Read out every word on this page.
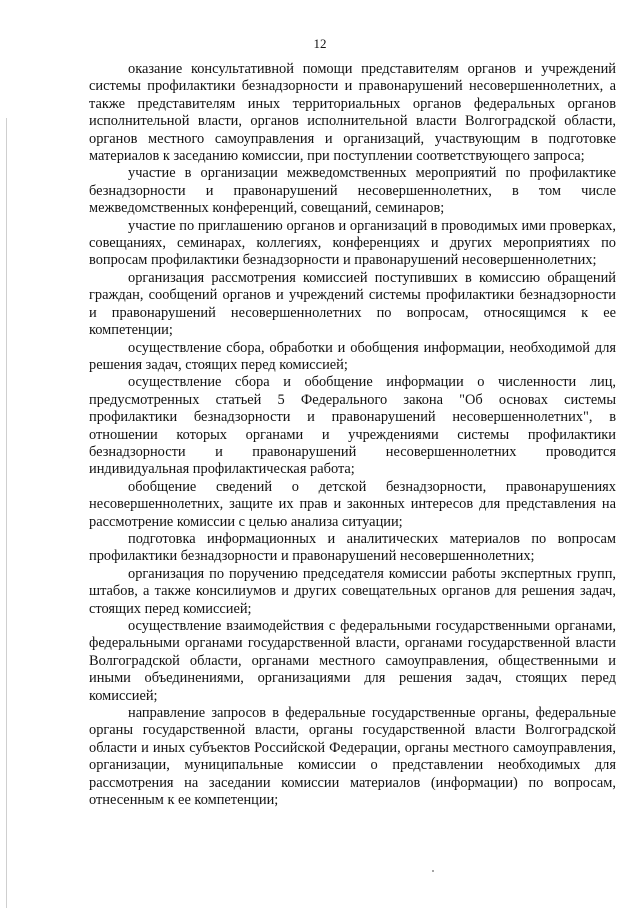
12

оказание консультативной помощи представителям органов и учреждений системы профилактики безнадзорности и правонарушений несовершеннолетних, а также представителям иных территориальных органов федеральных органов исполнительной власти, органов исполнительной власти Волгоградской области, органов местного самоуправления и организаций, участвующим в подготовке материалов к заседанию комиссии, при поступлении соответствующего запроса;

участие в организации межведомственных мероприятий по профилактике безнадзорности и правонарушений несовершеннолетних, в том числе межведомственных конференций, совещаний, семинаров;

участие по приглашению органов и организаций в проводимых ими проверках, совещаниях, семинарах, коллегиях, конференциях и других мероприятиях по вопросам профилактики безнадзорности и правонарушений несовершеннолетних;

организация рассмотрения комиссией поступивших в комиссию обращений граждан, сообщений органов и учреждений системы профилактики безнадзорности и правонарушений несовершеннолетних по вопросам, относящимся к ее компетенции;

осуществление сбора, обработки и обобщения информации, необходимой для решения задач, стоящих перед комиссией;

осуществление сбора и обобщение информации о численности лиц, предусмотренных статьей 5 Федерального закона "Об основах системы профилактики безнадзорности и правонарушений несовершеннолетних", в отношении которых органами и учреждениями системы профилактики безнадзорности и правонарушений несовершеннолетних проводится индивидуальная профилактическая работа;

обобщение сведений о детской безнадзорности, правонарушениях несовершеннолетних, защите их прав и законных интересов для представления на рассмотрение комиссии с целью анализа ситуации;

подготовка информационных и аналитических материалов по вопросам профилактики безнадзорности и правонарушений несовершеннолетних;

организация по поручению председателя комиссии работы экспертных групп, штабов, а также консилиумов и других совещательных органов для решения задач, стоящих перед комиссией;

осуществление взаимодействия с федеральными государственными органами, федеральными органами государственной власти, органами государственной власти Волгоградской области, органами местного самоуправления, общественными и иными объединениями, организациями для решения задач, стоящих перед комиссией;

направление запросов в федеральные государственные органы, федеральные органы государственной власти, органы государственной власти Волгоградской области и иных субъектов Российской Федерации, органы местного самоуправления, организации, муниципальные комиссии о представлении необходимых для рассмотрения на заседании комиссии материалов (информации) по вопросам, отнесенным к ее компетенции;
